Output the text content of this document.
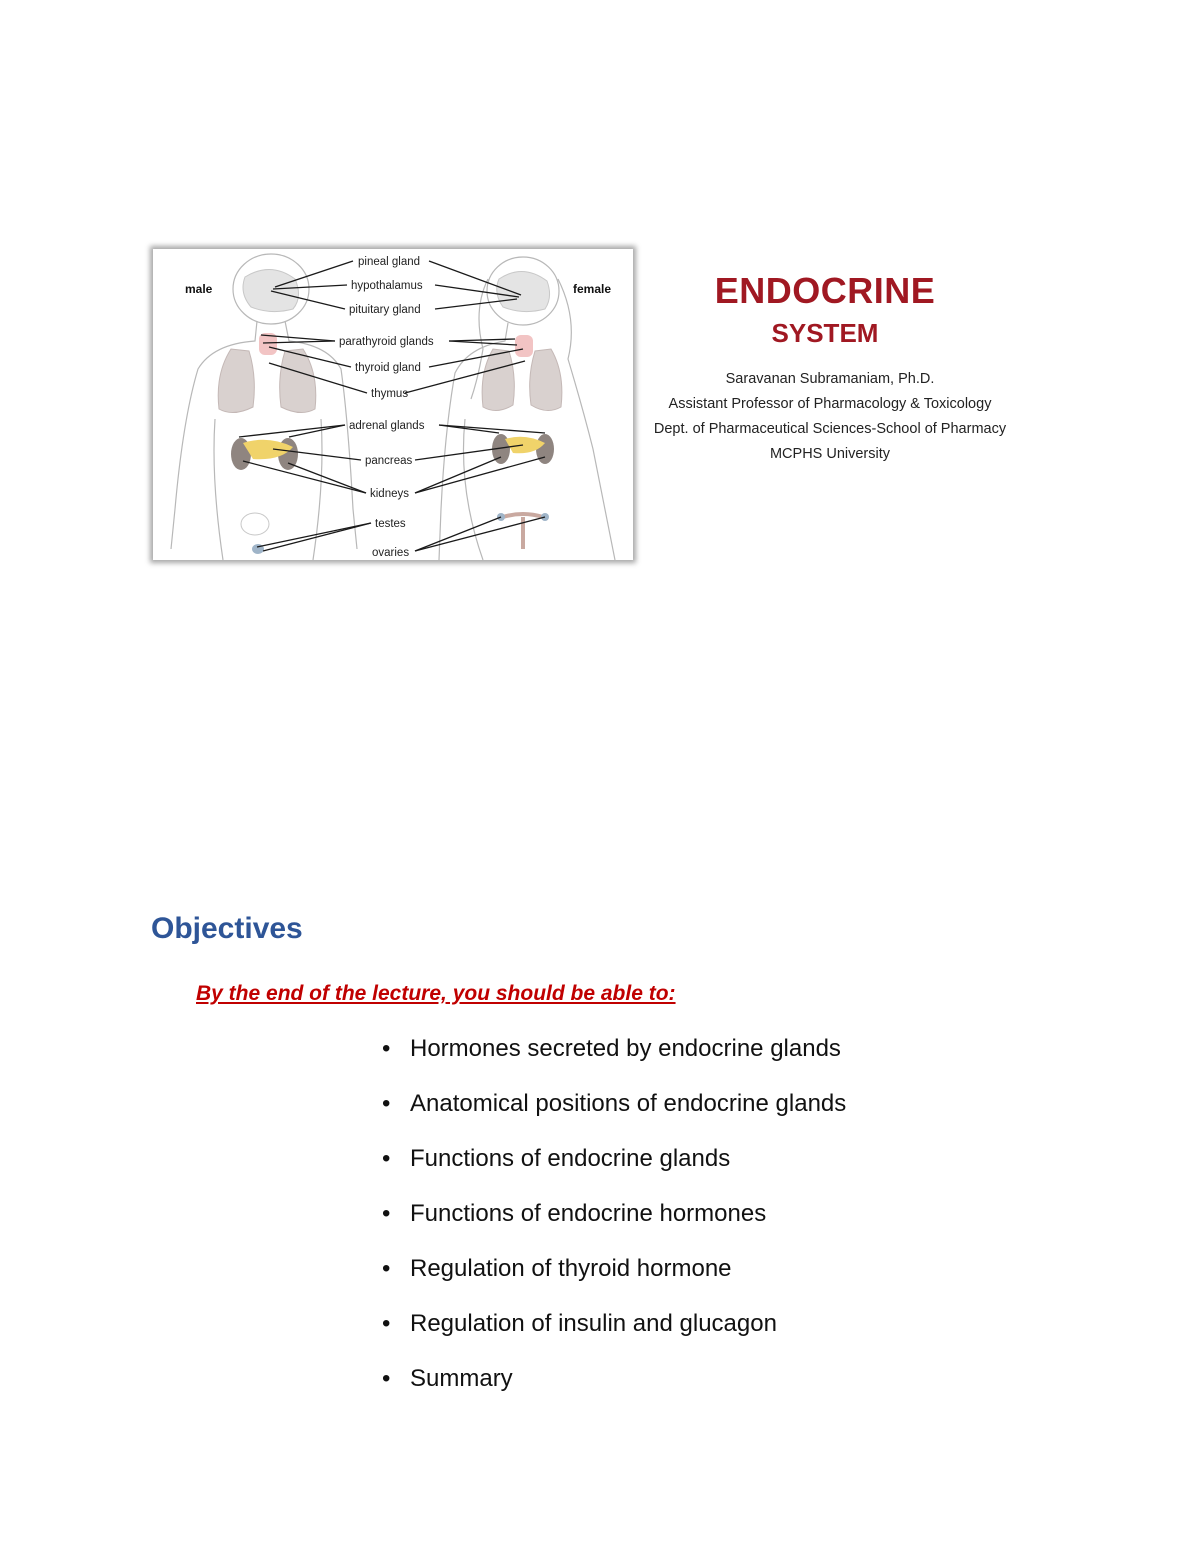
male	female
pineal gland
hypothalamus
pituitary gland
parathyroid glands
thyroid gland
thymus
adrenal glands
pancreas
kidneys
testes
ovaries
ENDOCRINE
SYSTEM
Saravanan Subramaniam, Ph.D.
Assistant Professor of Pharmacology & Toxicology
Dept. of Pharmaceutical Sciences-School of Pharmacy
MCPHS University
Objectives
By the end of the lecture, you should be able to:
• Hormones secreted by endocrine glands
• Anatomical positions of endocrine glands
• Functions of endocrine glands
• Functions of endocrine hormones
• Regulation of thyroid hormone
• Regulation of insulin and glucagon
• Summary
